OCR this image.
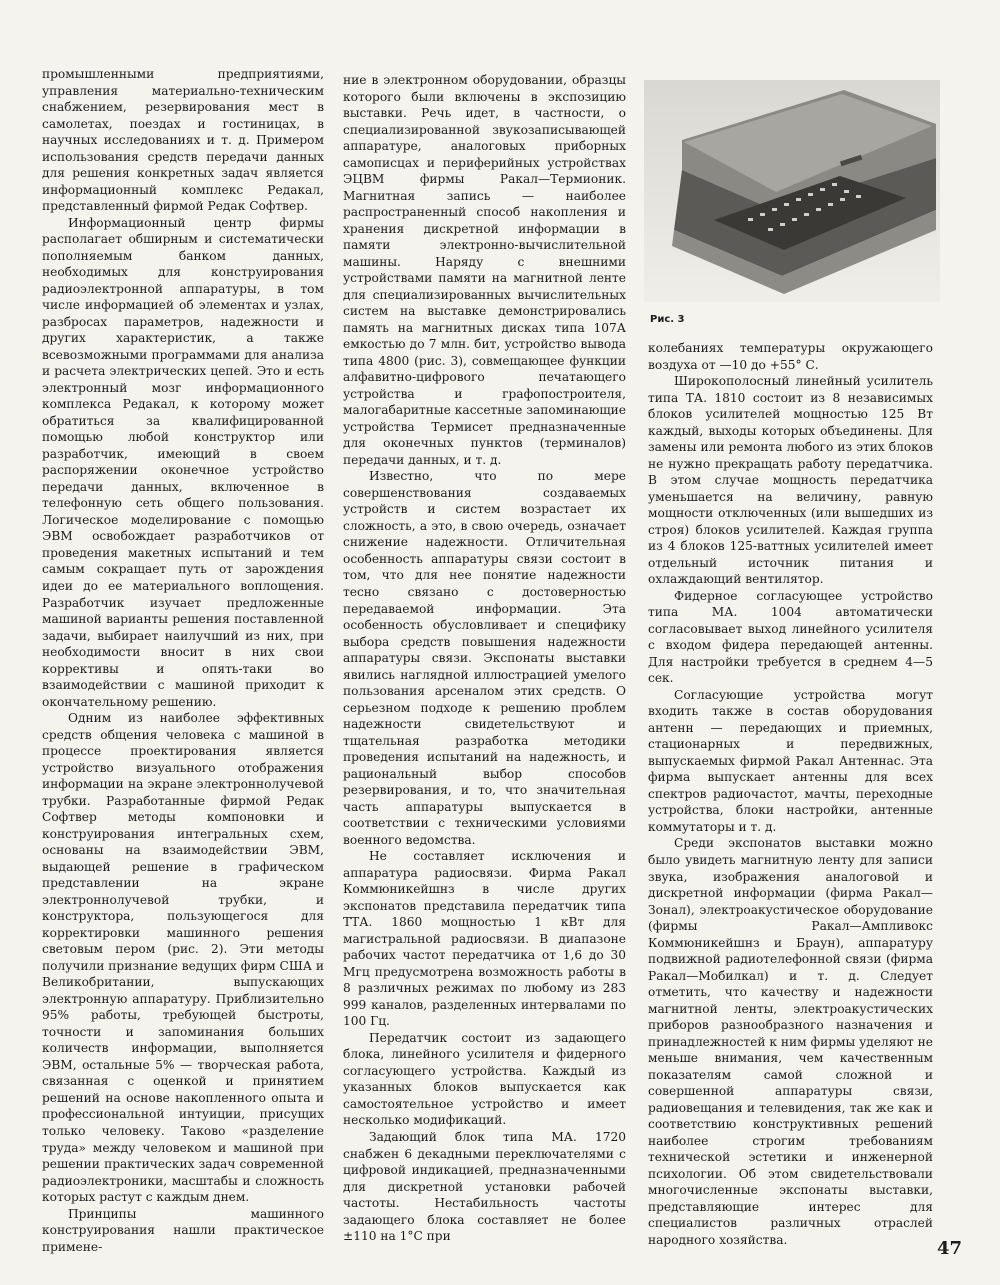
промышленными предприятиями, управления материально-техническим снабжением, резервирования мест в самолетах, поездах и гостиницах, в научных исследованиях и т. д. Примером использования средств передачи данных для решения конкретных задач является информационный комплекс Редакал, представленный фирмой Редак Софтвер.

Информационный центр фирмы располагает обширным и систематически пополняемым банком данных, необходимых для конструирования радиоэлектронной аппаратуры, в том числе информацией об элементах и узлах, разбросах параметров, надежности и других характеристик, а также всевозможными программами для анализа и расчета электрических цепей. Это и есть электронный мозг информационного комплекса Редакал, к которому может обратиться за квалифицированной помощью любой конструктор или разработчик, имеющий в своем распоряжении оконечное устройство передачи данных, включенное в телефонную сеть общего пользования. Логическое моделирование с помощью ЭВМ освобождает разработчиков от проведения макетных испытаний и тем самым сокращает путь от зарождения идеи до ее материального воплощения. Разработчик изучает предложенные машиной варианты решения поставленной задачи, выбирает наилучший из них, при необходимости вносит в них свои коррективы и опять-таки во взаимодействии с машиной приходит к окончательному решению.

Одним из наиболее эффективных средств общения человека с машиной в процессе проектирования является устройство визуального отображения информации на экране электроннолучевой трубки. Разработанные фирмой Редак Софтвер методы компоновки и конструирования интегральных схем, основаны на взаимодействии ЭВМ, выдающей решение в графическом представлении на экране электроннолучевой трубки, и конструктора, пользующегося для корректировки машинного решения световым пером (рис. 2). Эти методы получили признание ведущих фирм США и Великобритании, выпускающих электронную аппаратуру. Приблизительно 95% работы, требующей быстроты, точности и запоминания больших количеств информации, выполняется ЭВМ, остальные 5% — творческая работа, связанная с оценкой и принятием решений на основе накопленного опыта и профессиональной интуиции, присущих только человеку. Таково «разделение труда» между человеком и машиной при решении практических задач современной радиоэлектроники, масштабы и сложность которых растут с каждым днем.

Принципы машинного конструирования нашли практическое примене-

ние в электронном оборудовании, образцы которого были включены в экспозицию выставки. Речь идет, в частности, о специализированной звукозаписывающей аппаратуре, аналоговых приборных самописцах и периферийных устройствах ЭЦВМ фирмы Ракал—Термионик. Магнитная запись — наиболее распространенный способ накопления и хранения дискретной информации в памяти электронно-вычислительной машины. Наряду с внешними устройствами памяти на магнитной ленте для специализированных вычислительных систем на выставке демонстрировались память на магнитных дисках типа 107А емкостью до 7 млн. бит, устройство вывода типа 4800 (рис. 3), совмещающее функции алфавитно-цифрового печатающего устройства и графопостроителя, малогабаритные кассетные запоминающие устройства Термисет предназначенные для оконечных пунктов (терминалов) передачи данных, и т. д.

Известно, что по мере совершенствования создаваемых устройств и систем возрастает их сложность, а это, в свою очередь, означает снижение надежности. Отличительная особенность аппаратуры связи состоит в том, что для нее понятие надежности тесно связано с достоверностью передаваемой информации. Эта особенность обусловливает и специфику выбора средств повышения надежности аппаратуры связи. Экспонаты выставки явились наглядной иллюстрацией умелого пользования арсеналом этих средств. О серьезном подходе к решению проблем надежности свидетельствуют и тщательная разработка методики проведения испытаний на надежность, и рациональный выбор способов резервирования, и то, что значительная часть аппаратуры выпускается в соответствии с техническими условиями военного ведомства.

Не составляет исключения и аппаратура радиосвязи. Фирма Ракал Коммюникейшнз в числе других экспонатов представила передатчик типа ТТА. 1860 мощностью 1 кВт для магистральной радиосвязи. В диапазоне рабочих частот передатчика от 1,6 до 30 Мгц предусмотрена возможность работы в 8 различных режимах по любому из 283 999 каналов, разделенных интервалами по 100 Гц.

Передатчик состоит из задающего блока, линейного усилителя и фидерного согласующего устройства. Каждый из указанных блоков выпускается как самостоятельное устройство и имеет несколько модификаций.

Задающий блок типа МА. 1720 снабжен 6 декадными переключателями с цифровой индикацией, предназначенными для дискретной установки рабочей частоты. Нестабильность частоты задающего блока составляет не более ±110 на 1°С при

Рис. 3

колебаниях температуры окружающего воздуха от —10 до +55° С.

Широкополосный линейный усилитель типа ТА. 1810 состоит из 8 независимых блоков усилителей мощностью 125 Вт каждый, выходы которых объединены. Для замены или ремонта любого из этих блоков не нужно прекращать работу передатчика. В этом случае мощность передатчика уменьшается на величину, равную мощности отключенных (или вышедших из строя) блоков усилителей. Каждая группа из 4 блоков 125-ваттных усилителей имеет отдельный источник питания и охлаждающий вентилятор.

Фидерное согласующее устройство типа МА. 1004 автоматически согласовывает выход линейного усилителя с входом фидера передающей антенны. Для настройки требуется в среднем 4—5 сек.

Согласующие устройства могут входить также в состав оборудования антенн — передающих и приемных, стационарных и передвижных, выпускаемых фирмой Ракал Антеннас. Эта фирма выпускает антенны для всех спектров радиочастот, мачты, переходные устройства, блоки настройки, антенные коммутаторы и т. д.

Среди экспонатов выставки можно было увидеть магнитную ленту для записи звука, изображения аналоговой и дискретной информации (фирма Ракал—Зонал), электроакустическое оборудование (фирмы Ракал—Ампливокс Коммюникейшнз и Браун), аппаратуру подвижной радиотелефонной связи (фирма Ракал—Мобилкал) и т. д. Следует отметить, что качеству и надежности магнитной ленты, электроакустических приборов разнообразного назначения и принадлежностей к ним фирмы уделяют не меньше внимания, чем качественным показателям самой сложной и совершенной аппаратуры связи, радиовещания и телевидения, так же как и соответствию конструктивных решений наиболее строгим требованиям технической эстетики и инженерной психологии. Об этом свидетельствовали многочисленные экспонаты выставки, представляющие интерес для специалистов различных отраслей народного хозяйства.	47
